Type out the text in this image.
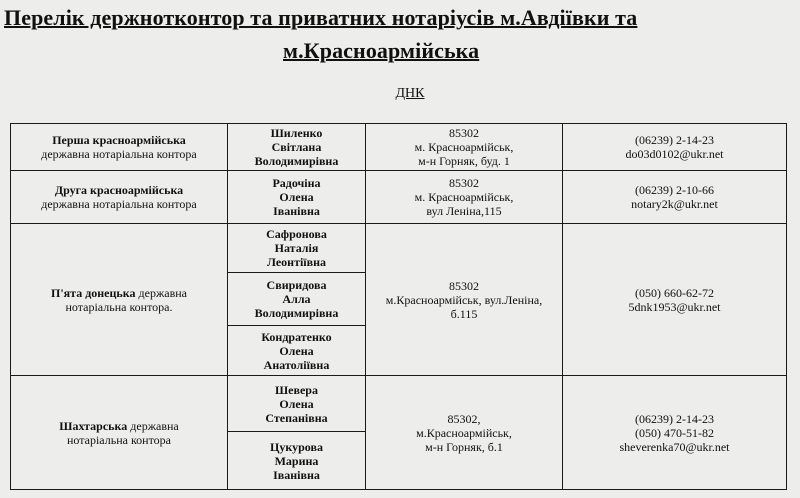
Перелік держнотконтор та приватних нотаріусів м.Авдіївки та
м.Красноармійська
ДНК
Перша красноармійська
державна нотаріальна контора	Шиленко
Світлана
Володимирівна	85302
м. Красноармійськ,
м-н Горняк, буд. 1	(06239) 2-14-23
do03d0102@ukr.net

Друга красноармійська
державна нотаріальна контора	Радочіна
Олена
Іванівна	85302
м. Красноармійськ,
вул Леніна,115	(06239) 2-10-66
notary2k@ukr.net

П'ята донецька державна
нотаріальна контора.	Сафронова
Наталія
Леонтіївна	85302
м.Красноармійськ, вул.Леніна,
б.115	(050) 660-62-72
5dnk1953@ukr.net

	Свиридова
Алла
Володимирівна		

	Кондратенко
Олена
Анатоліївна		

Шахтарська державна
нотаріальна контора	Шевера
Олена
Степанівна	85302,
м.Красноармійськ,
м-н Горняк, б.1	(06239) 2-14-23
(050) 470-51-82
sheverenka70@ukr.net

	Цукурова
Марина
Іванівна		
